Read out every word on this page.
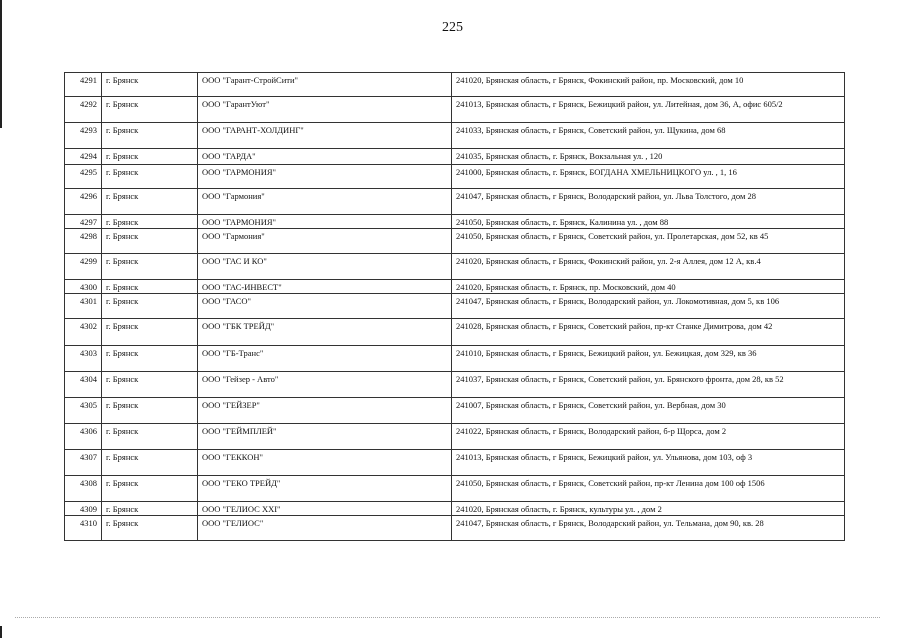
225
4291	г. Брянск	ООО "Гарант-СтройСити"	241020, Брянская область, г Брянск, Фокинский район, пр. Московский, дом 10
4292	г. Брянск	ООО "ГарантУют"	241013, Брянская область, г Брянск, Бежицкий район, ул. Литейная, дом 36, А, офис 605/2
4293	г. Брянск	ООО "ГАРАНТ-ХОЛДИНГ"	241033, Брянская область, г Брянск, Советский район, ул. Щукина, дом 68
4294	г. Брянск	ООО "ГАРДА"	241035, Брянская область, г. Брянск, Вокзальная ул. , 120
4295	г. Брянск	ООО "ГАРМОНИЯ"	241000, Брянская область, г. Брянск, БОГДАНА ХМЕЛЬНИЦКОГО ул. , 1, 16
4296	г. Брянск	ООО "Гармония"	241047, Брянская область, г Брянск, Володарский район, ул. Льва Толстого, дом 28
4297	г. Брянск	ООО "ГАРМОНИЯ"	241050, Брянская область, г. Брянск, Калинина ул. , дом 88
4298	г. Брянск	ООО "Гармония"	241050, Брянская область, г Брянск, Советский район, ул. Пролетарская, дом 52, кв 45
4299	г. Брянск	ООО "ГАС И КО"	241020, Брянская область, г Брянск, Фокинский район, ул. 2-я Аллея, дом 12 А, кв.4
4300	г. Брянск	ООО "ГАС-ИНВЕСТ"	241020, Брянская область, г. Брянск, пр. Московский, дом 40
4301	г. Брянск	ООО "ГАСО"	241047, Брянская область, г Брянск, Володарский район, ул. Локомотивная, дом 5, кв 106
4302	г. Брянск	ООО "ГБК ТРЕЙД"	241028, Брянская область, г Брянск, Советский район, пр-кт Станке Димитрова, дом 42
4303	г. Брянск	ООО "ГБ-Транс"	241010, Брянская область, г Брянск, Бежицкий район, ул. Бежицкая, дом 329, кв 36
4304	г. Брянск	ООО "Гейзер - Авто"	241037, Брянская область, г Брянск, Советский район, ул. Брянского фронта, дом 28, кв 52
4305	г. Брянск	ООО "ГЕЙЗЕР"	241007, Брянская область, г Брянск, Советский район, ул. Вербная, дом 30
4306	г. Брянск	ООО "ГЕЙМПЛЕЙ"	241022, Брянская область, г Брянск, Володарский район, б-р Щорса, дом 2
4307	г. Брянск	ООО "ГЕККОН"	241013, Брянская область, г Брянск, Бежицкий район, ул. Ульянова, дом 103, оф 3
4308	г. Брянск	ООО "ГЕКО ТРЕЙД"	241050, Брянская область, г Брянск, Советский район, пр-кт Ленина дом 100 оф 1506
4309	г. Брянск	ООО "ГЕЛИОС XXI"	241020, Брянская область, г. Брянск, культуры ул. , дом 2
4310	г. Брянск	ООО "ГЕЛИОС"	241047, Брянская область, г Брянск, Володарский район, ул. Тельмана, дом 90, кв. 28
